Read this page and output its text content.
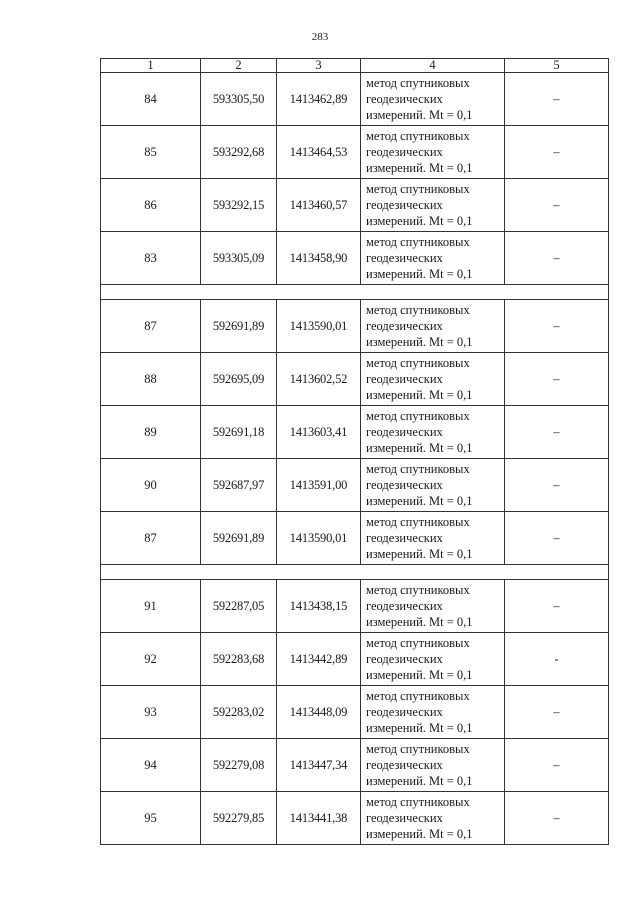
283
1	2	3	4	5
84	593305,50	1413462,89	метод спутниковых
геодезических
измерений. Mt = 0,1	–
85	593292,68	1413464,53	метод спутниковых
геодезических
измерений. Mt = 0,1	–
86	593292,15	1413460,57	метод спутниковых
геодезических
измерений. Mt = 0,1	–
83	593305,09	1413458,90	метод спутниковых
геодезических
измерений. Mt = 0,1	–

87	592691,89	1413590,01	метод спутниковых
геодезических
измерений. Mt = 0,1	–
88	592695,09	1413602,52	метод спутниковых
геодезических
измерений. Mt = 0,1	–
89	592691,18	1413603,41	метод спутниковых
геодезических
измерений. Mt = 0,1	–
90	592687,97	1413591,00	метод спутниковых
геодезических
измерений. Mt = 0,1	–
87	592691,89	1413590,01	метод спутниковых
геодезических
измерений. Mt = 0,1	–

91	592287,05	1413438,15	метод спутниковых
геодезических
измерений. Mt = 0,1	–
92	592283,68	1413442,89	метод спутниковых
геодезических
измерений. Mt = 0,1	-
93	592283,02	1413448,09	метод спутниковых
геодезических
измерений. Mt = 0,1	–
94	592279,08	1413447,34	метод спутниковых
геодезических
измерений. Mt = 0,1	–
95	592279,85	1413441,38	метод спутниковых
геодезических
измерений. Mt = 0,1	–
